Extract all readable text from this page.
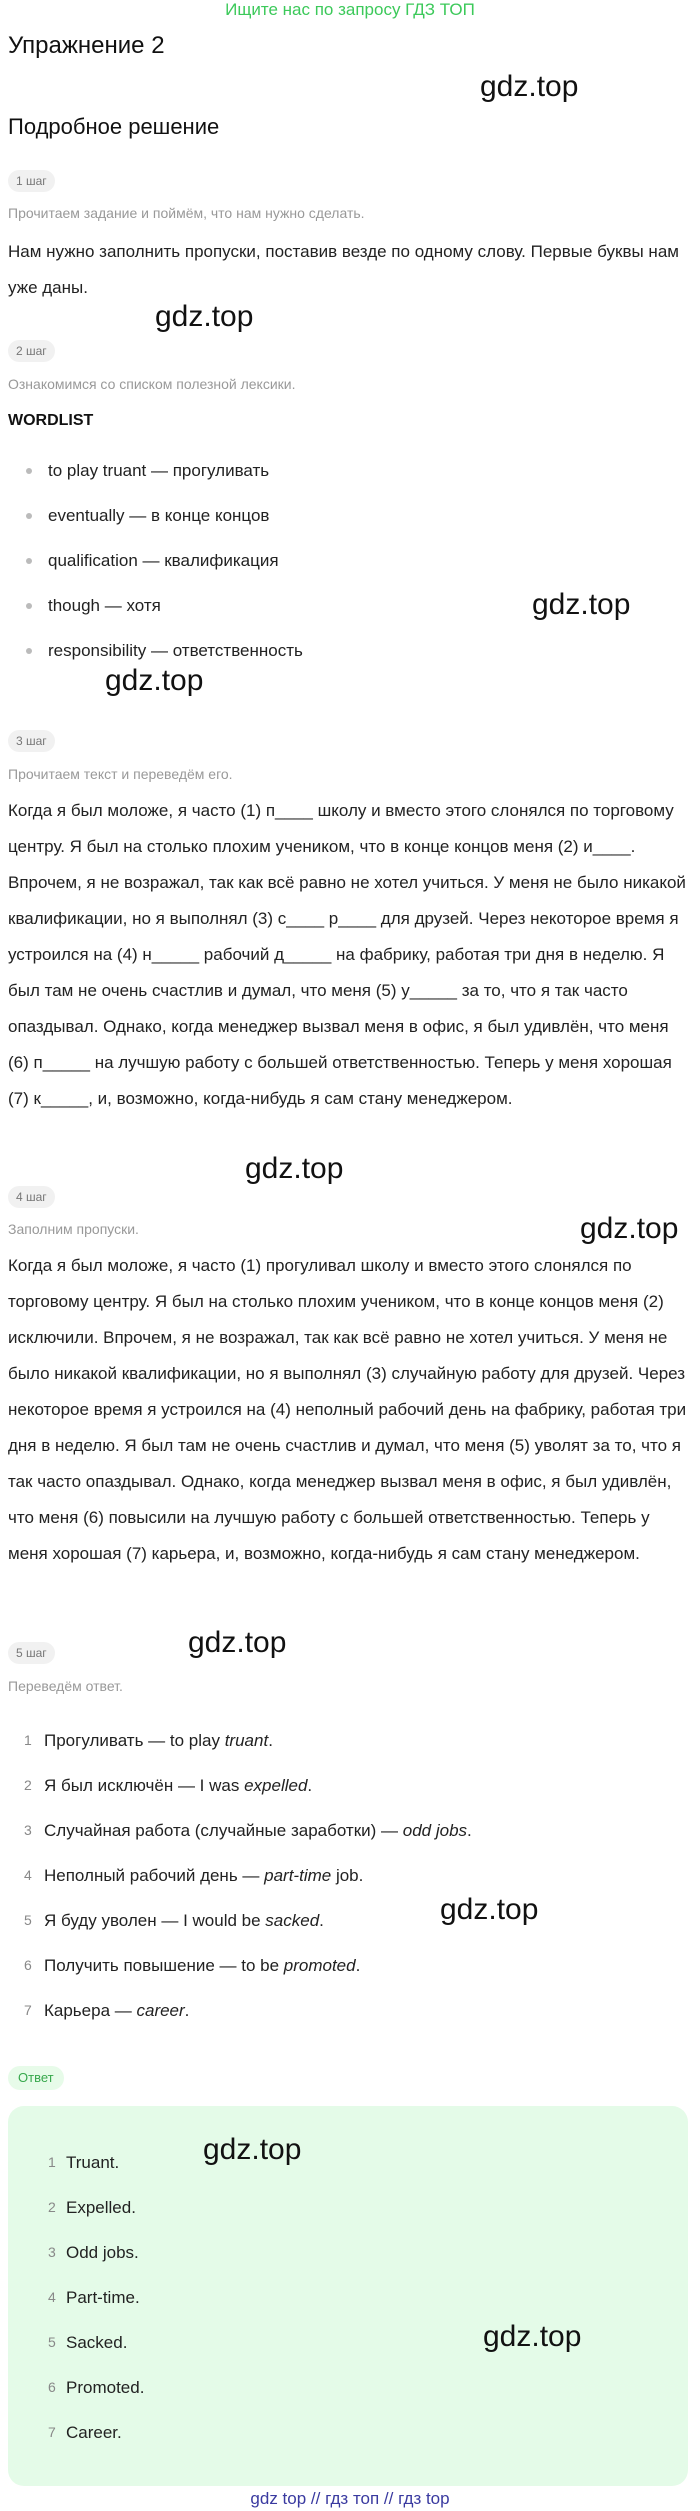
Ищите нас по запросу ГДЗ ТОП
Упражнение 2
gdz.top
Подробное решение
1 шаг
Прочитаем задание и поймём, что нам нужно сделать.
Нам нужно заполнить пропуски, поставив везде по одному слову. Первые буквы нам уже даны.
gdz.top
2 шаг
Ознакомимся со списком полезной лексики.
WORDLIST
to play truant — прогуливать
eventually — в конце концов
qualification — квалификация
though — хотя
responsibility — ответственность
gdz.top
gdz.top
3 шаг
Прочитаем текст и переведём его.
Когда я был моложе, я часто (1) п____ школу и вместо этого слонялся по торговому центру. Я был на столько плохим учеником, что в конце концов меня (2) и____. Впрочем, я не возражал, так как всё равно не хотел учиться. У меня не было никакой квалификации, но я выполнял (3) с____ р____ для друзей. Через некоторое время я устроился на (4) н_____ рабочий д_____ на фабрику, работая три дня в неделю. Я был там не очень счастлив и думал, что меня (5) у_____ за то, что я так часто опаздывал. Однако, когда менеджер вызвал меня в офис, я был удивлён, что меня (6) п_____ на лучшую работу с большей ответственностью. Теперь у меня хорошая (7) к_____, и, возможно, когда-нибудь я сам стану менеджером.
gdz.top
4 шаг
Заполним пропуски.	gdz.top
Когда я был моложе, я часто (1) прогуливал школу и вместо этого слонялся по торговому центру. Я был на столько плохим учеником, что в конце концов меня (2) исключили. Впрочем, я не возражал, так как всё равно не хотел учиться. У меня не было никакой квалификации, но я выполнял (3) случайную работу для друзей. Через некоторое время я устроился на (4) неполный рабочий день на фабрику, работая три дня в неделю. Я был там не очень счастлив и думал, что меня (5) уволят за то, что я так часто опаздывал. Однако, когда менеджер вызвал меня в офис, я был удивлён, что меня (6) повысили на лучшую работу с большей ответственностью. Теперь у меня хорошая (7) карьера, и, возможно, когда-нибудь я сам стану менеджером.
gdz.top
5 шаг
Переведём ответ.
1 Прогуливать — to play truant.
2 Я был исключён — I was expelled.
3 Случайная работа (случайные заработки) — odd jobs.
4 Неполный рабочий день — part-time job.
5 Я буду уволен — I would be sacked.
6 Получить повышение — to be promoted.
7 Карьера — career.
gdz.top
Ответ
1 Truant.
2 Expelled.
3 Odd jobs.
4 Part-time.
5 Sacked.
6 Promoted.
7 Career.
gdz.top
gdz.top
gdz top // гдз топ // гдз top
